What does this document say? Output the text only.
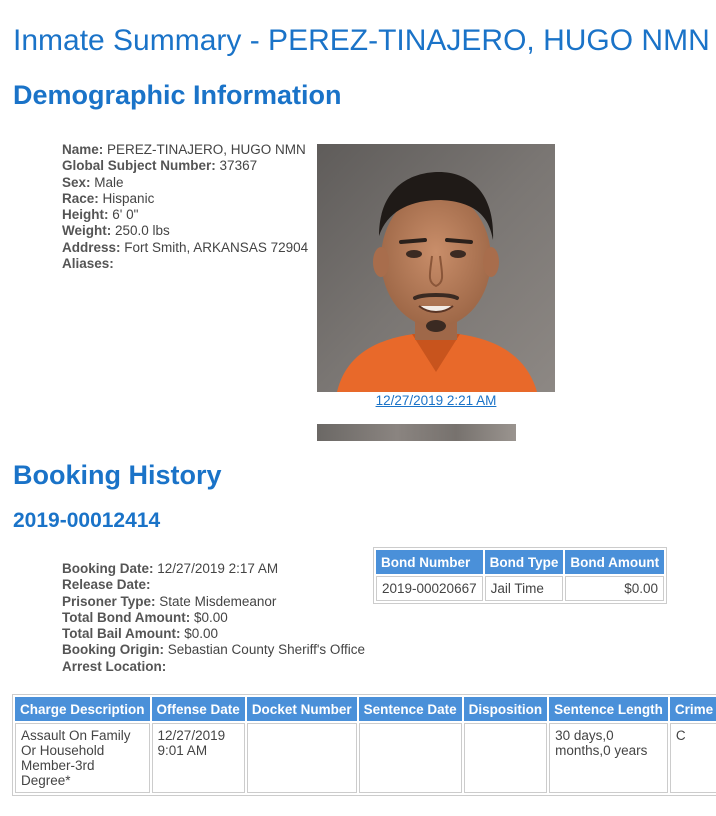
Inmate Summary - PEREZ-TINAJERO, HUGO NMN
Demographic Information
Name: PEREZ-TINAJERO, HUGO NMN
Global Subject Number: 37367
Sex: Male
Race: Hispanic
Height: 6' 0"
Weight: 250.0 lbs
Address: Fort Smith, ARKANSAS 72904
Aliases:
12/27/2019 2:21 AM
Booking History
2019-00012414
Booking Date: 12/27/2019 2:17 AM
Release Date:
Prisoner Type: State Misdemeanor
Total Bond Amount: $0.00
Total Bail Amount: $0.00
Booking Origin: Sebastian County Sheriff's Office
Arrest Location:
Bond Number	Bond Type	Bond Amount
2019-00020667	Jail Time	$0.00
Charge Description	Offense Date	Docket Number	Sentence Date	Disposition	Sentence Length	Crime
Assault On Family Or Household Member-3rd Degree*	12/27/2019 9:01 AM				30 days,0 months,0 years	C
